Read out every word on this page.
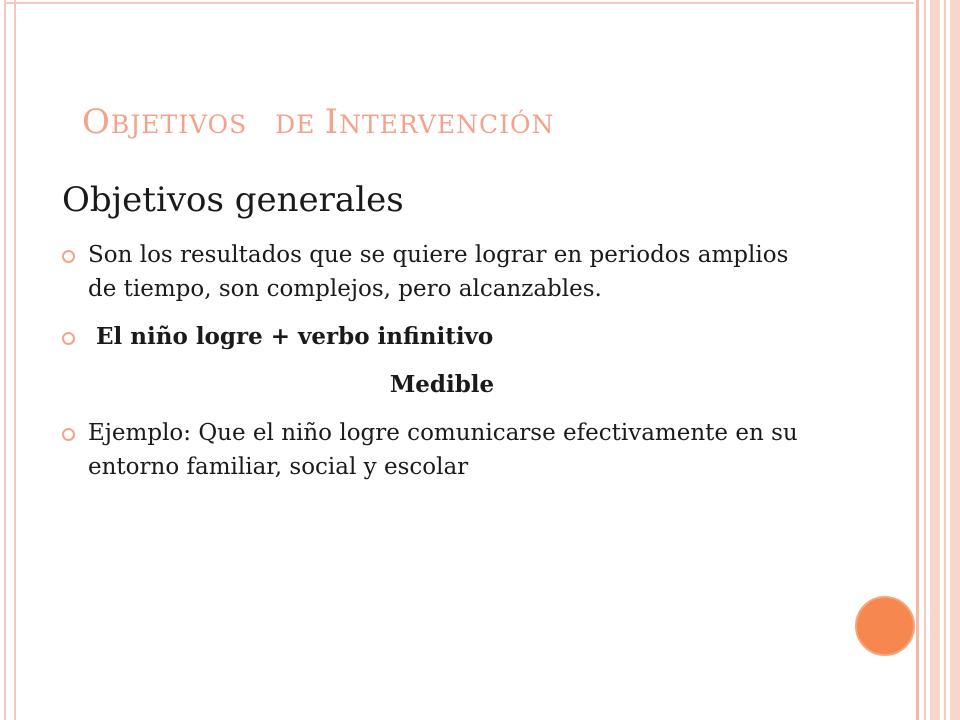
OBJETIVOS DE INTERVENCIÓN
Objetivos generales
Son los resultados que se quiere lograr en periodos amplios de tiempo, son complejos, pero alcanzables.
El niño logre + verbo infinitivo
Medible
Ejemplo: Que el niño logre comunicarse efectivamente en su entorno familiar, social y escolar
